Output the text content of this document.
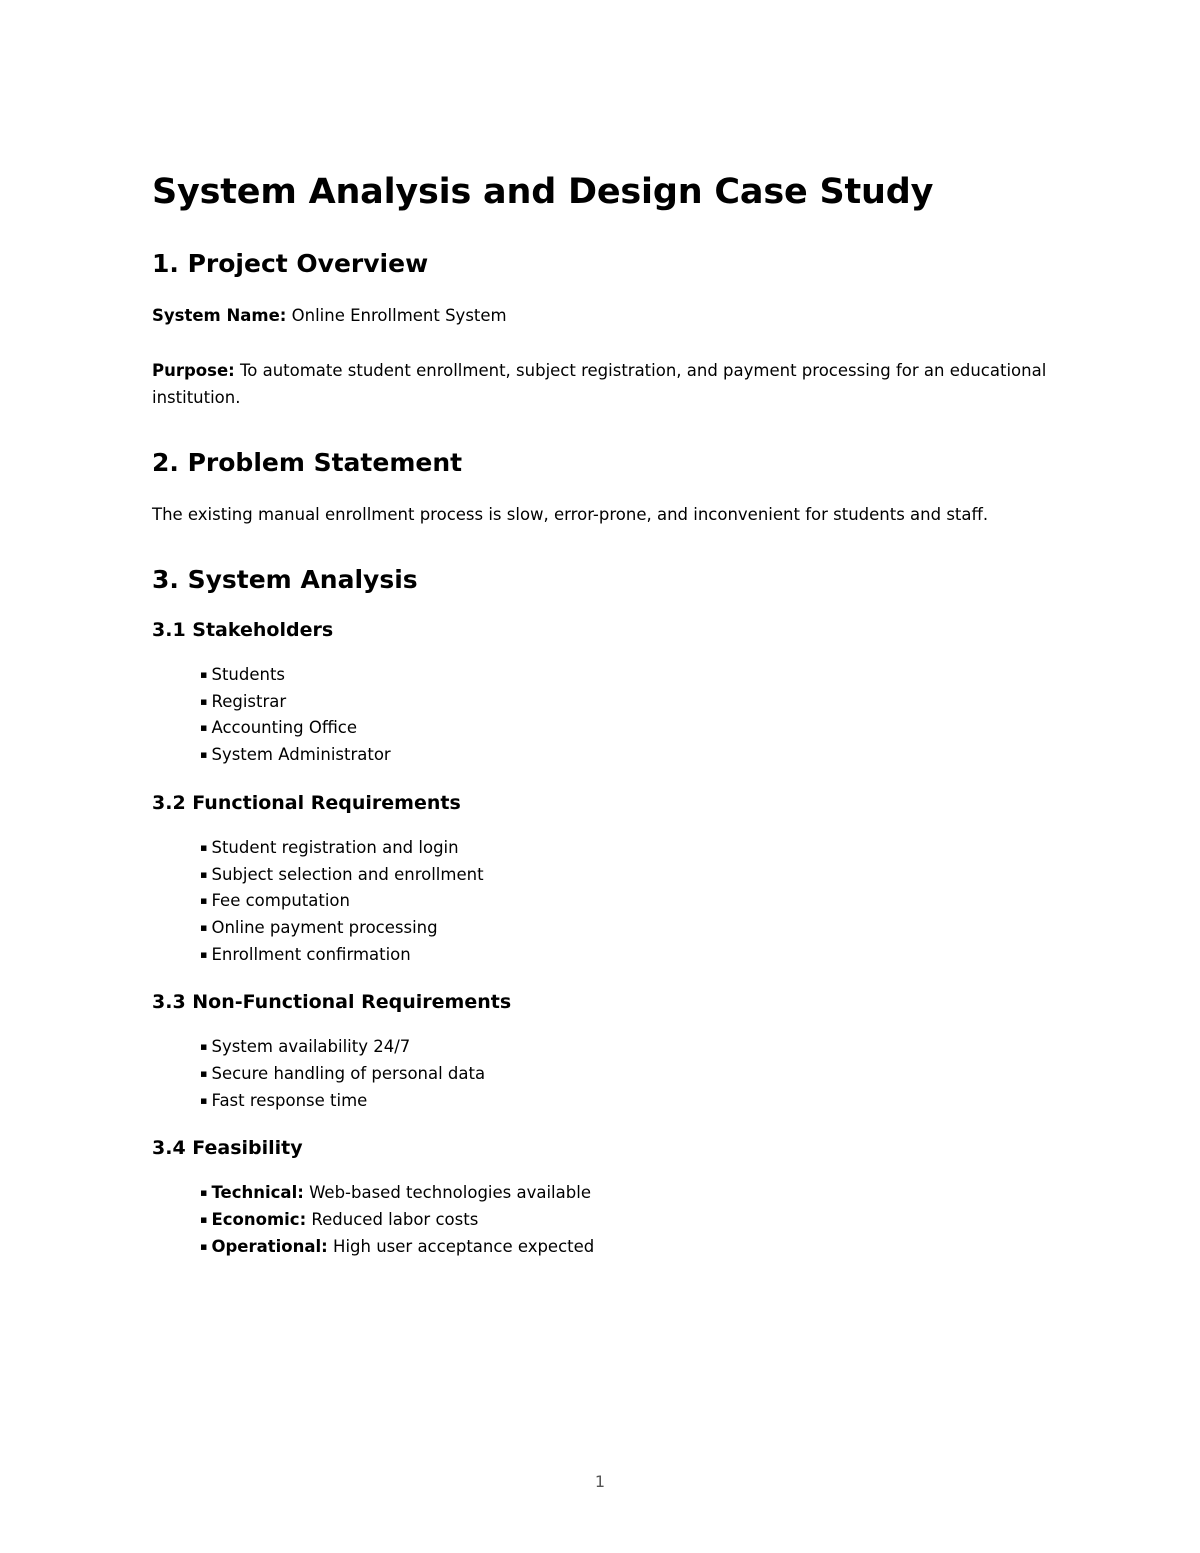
System Analysis and Design Case Study
1. Project Overview

System Name: Online Enrollment System

Purpose: To automate student enrollment, subject registration, and payment processing for an educational institution.

2. Problem Statement

The existing manual enrollment process is slow, error-prone, and inconvenient for students and staff.

3. System Analysis
3.1 Stakeholders
▪ Students
▪ Registrar
▪ Accounting Office
▪ System Administrator
3.2 Functional Requirements
▪ Student registration and login
▪ Subject selection and enrollment
▪ Fee computation
▪ Online payment processing
▪ Enrollment confirmation
3.3 Non-Functional Requirements
▪ System availability 24/7
▪ Secure handling of personal data
▪ Fast response time
3.4 Feasibility
▪ Technical: Web-based technologies available
▪ Economic: Reduced labor costs
▪ Operational: High user acceptance expected
1
